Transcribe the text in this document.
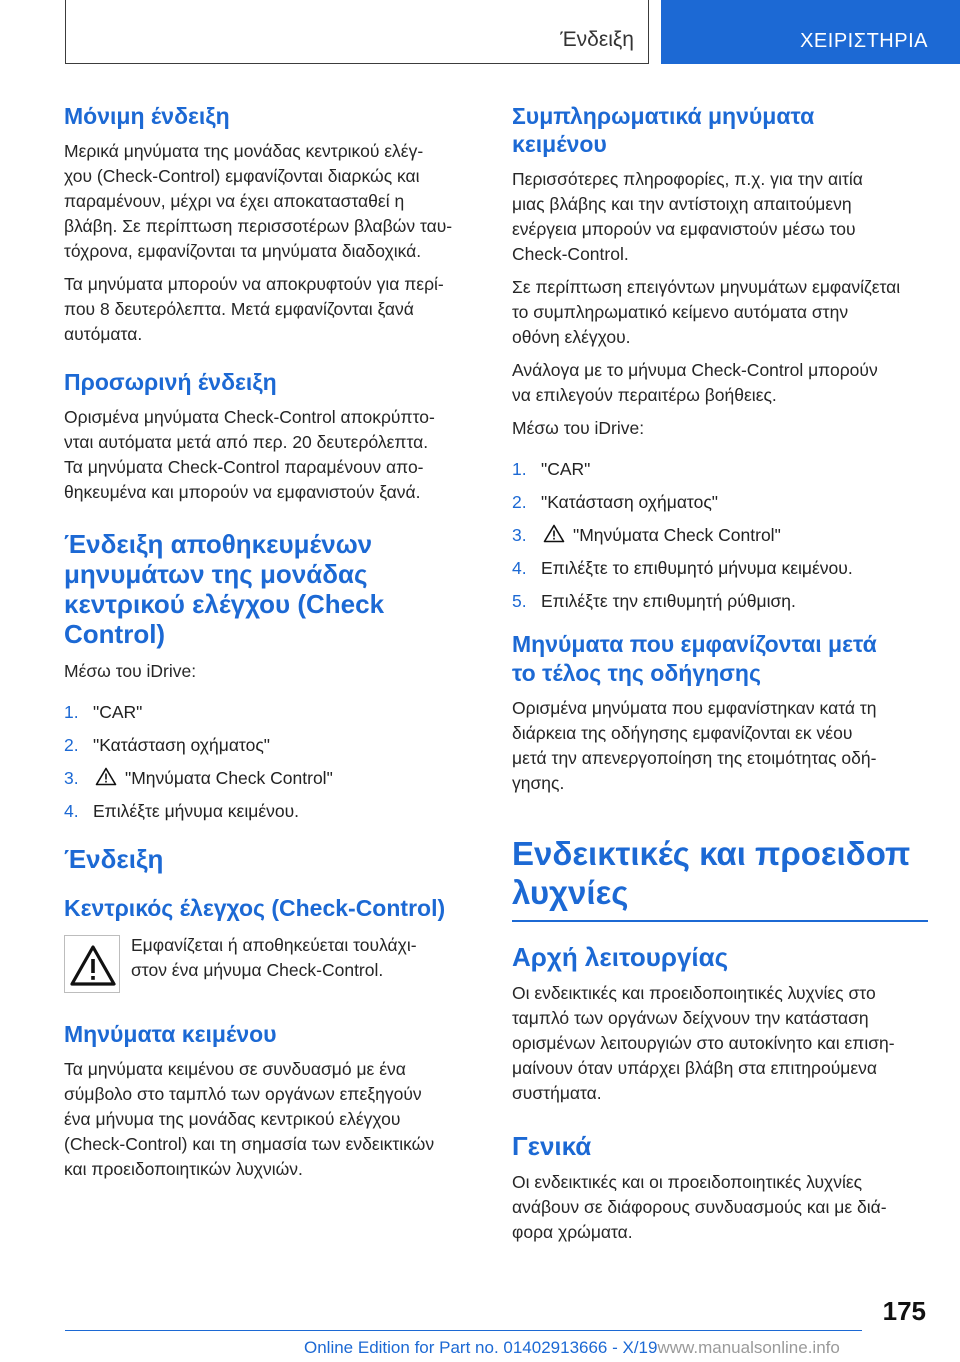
Ένδειξη	ΧΕΙΡΙΣΤΗΡΙΑ
Μόνιμη ένδειξη

Μερικά μηνύματα της μονάδας κεντρικού ελέγ-
χου (Check-Control) εμφανίζονται διαρκώς και
παραμένουν, μέχρι να έχει αποκατασταθεί η
βλάβη. Σε περίπτωση περισσοτέρων βλαβών ταυ-
τόχρονα, εμφανίζονται τα μηνύματα διαδοχικά.

Τα μηνύματα μπορούν να αποκρυφτούν για περί-
που 8 δευτερόλεπτα. Μετά εμφανίζονται ξανά
αυτόματα.

Προσωρινή ένδειξη

Ορισμένα μηνύματα Check-Control αποκρύπτο-
νται αυτόματα μετά από περ. 20 δευτερόλεπτα.
Τα μηνύματα Check-Control παραμένουν απο-
θηκευμένα και μπορούν να εμφανιστούν ξανά.

Ένδειξη αποθηκευμένων
μηνυμάτων της μονάδας
κεντρικού ελέγχου (Check
Control)

Μέσω του iDrive:

1. "CAR"
2. "Κατάσταση οχήματος"
3.	"Μηνύματα Check Control"
4. Επιλέξτε μήνυμα κειμένου.
Ένδειξη
Κεντρικός έλεγχος (Check-Control)

Εμφανίζεται ή αποθηκεύεται τουλάχι-
στον ένα μήνυμα Check-Control.

Μηνύματα κειμένου

Τα μηνύματα κειμένου σε συνδυασμό με ένα
σύμβολο στο ταμπλό των οργάνων επεξηγούν
ένα μήνυμα της μονάδας κεντρικού ελέγχου
(Check-Control) και τη σημασία των ενδεικτικών
και προειδοποιητικών λυχνιών.

Συμπληρωματικά μηνύματα
κειμένου

Περισσότερες πληροφορίες, π.χ. για την αιτία
μιας βλάβης και την αντίστοιχη απαιτούμενη
ενέργεια μπορούν να εμφανιστούν μέσω του
Check-Control.

Σε περίπτωση επειγόντων μηνυμάτων εμφανίζεται
το συμπληρωματικό κείμενο αυτόματα στην
οθόνη ελέγχου.

Ανάλογα με το μήνυμα Check-Control μπορούν
να επιλεγούν περαιτέρω βοήθειες.

Μέσω του iDrive:

1. "CAR"
2. "Κατάσταση οχήματος"
3.	"Μηνύματα Check Control"
4. Επιλέξτε το επιθυμητό μήνυμα κειμένου.
5. Επιλέξτε την επιθυμητή ρύθμιση.
Μηνύματα που εμφανίζονται μετά
το τέλος της οδήγησης

Ορισμένα μηνύματα που εμφανίστηκαν κατά τη
διάρκεια της οδήγησης εμφανίζονται εκ νέου
μετά την απενεργοποίηση της ετοιμότητας οδή-
γησης.

Ενδεικτικές και προειδοπ
λυχνίες
Αρχή λειτουργίας

Οι ενδεικτικές και προειδοποιητικές λυχνίες στο
ταμπλό των οργάνων δείχνουν την κατάσταση
ορισμένων λειτουργιών στο αυτοκίνητο και επιση-
μαίνουν όταν υπάρχει βλάβη στα επιτηρούμενα
συστήματα.

Γενικά

Οι ενδεικτικές και οι προειδοποιητικές λυχνίες
ανάβουν σε διάφορους συνδυασμούς και με διά-
φορα χρώματα.

175
Online Edition for Part no. 01402913666 - X/19www.manualsonline.info
